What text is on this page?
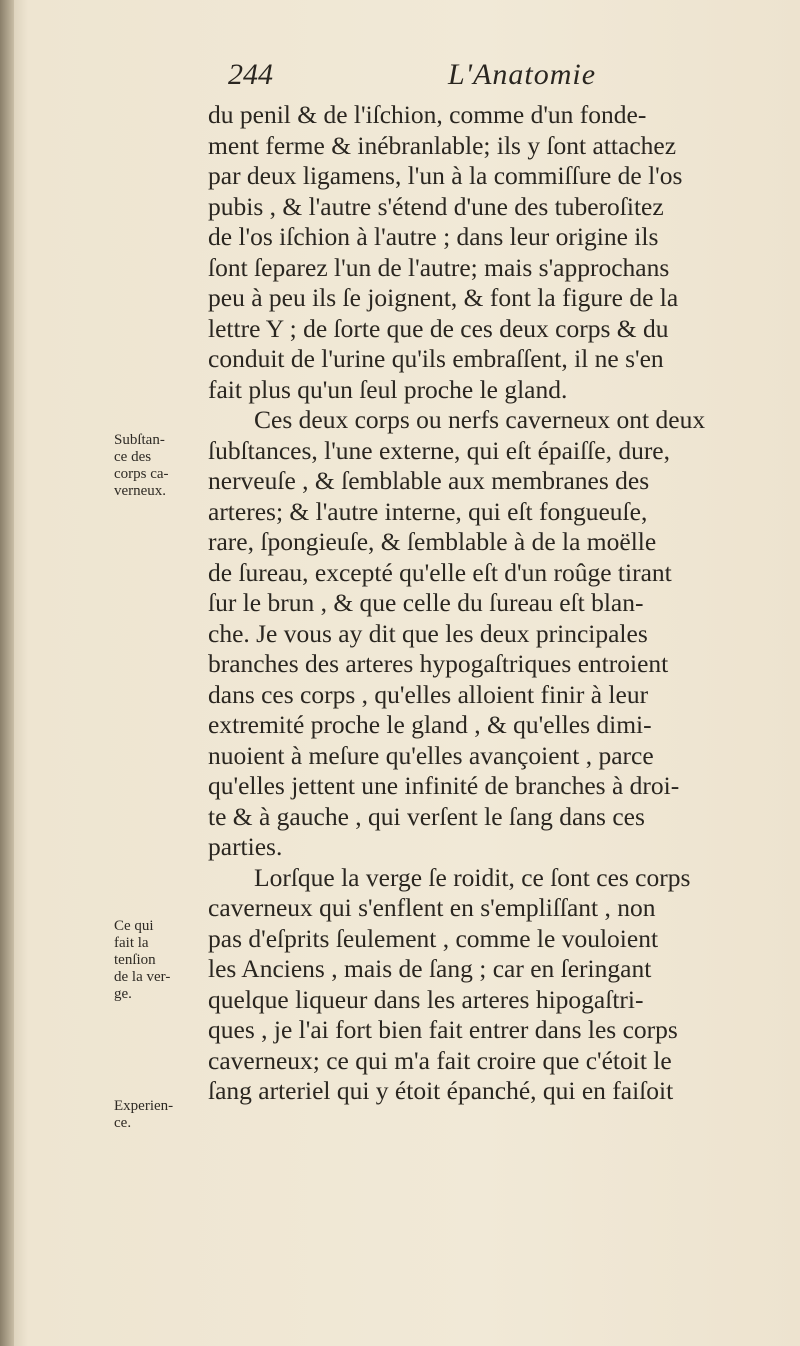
244	L'Anatomie
du penil & de l'iſchion, comme d'un fonde-
ment ferme & inébranlable; ils y ſont attachez
par deux ligamens, l'un à la commiſſure de l'os
pubis , & l'autre s'étend d'une des tuberoſitez
de l'os iſchion à l'autre ; dans leur origine ils
ſont ſeparez l'un de l'autre; mais s'approchans
peu à peu ils ſe joignent, & font la figure de la
lettre Y ; de ſorte que de ces deux corps & du
conduit de l'urine qu'ils embraſſent, il ne s'en
fait plus qu'un ſeul proche le gland.
Ces deux corps ou nerfs caverneux ont deux
ſubſtances, l'une externe, qui eſt épaiſſe, dure,
nerveuſe , & ſemblable aux membranes des
arteres; & l'autre interne, qui eſt fongueuſe,
rare, ſpongieuſe, & ſemblable à de la moëlle
de ſureau, excepté qu'elle eſt d'un roûge tirant
ſur le brun , & que celle du ſureau eſt blan-
che. Je vous ay dit que les deux principales
branches des arteres hypogaſtriques entroient
dans ces corps , qu'elles alloient finir à leur
extremité proche le gland , & qu'elles dimi-
nuoient à meſure qu'elles avançoient , parce
qu'elles jettent une infinité de branches à droi-
te & à gauche , qui verſent le ſang dans ces
parties.
Lorſque la verge ſe roidit, ce ſont ces corps
caverneux qui s'enflent en s'empliſſant , non
pas d'eſprits ſeulement , comme le vouloient
les Anciens , mais de ſang ; car en ſeringant
quelque liqueur dans les arteres hipogaſtri-
ques , je l'ai fort bien fait entrer dans les corps
caverneux; ce qui m'a fait croire que c'étoit le
ſang arteriel qui y étoit épanché, qui en faiſoit
Subſtan-
ce des
corps ca-
verneux.
Ce qui
fait la
tenſion
de la ver-
ge.
Experien-
ce.
